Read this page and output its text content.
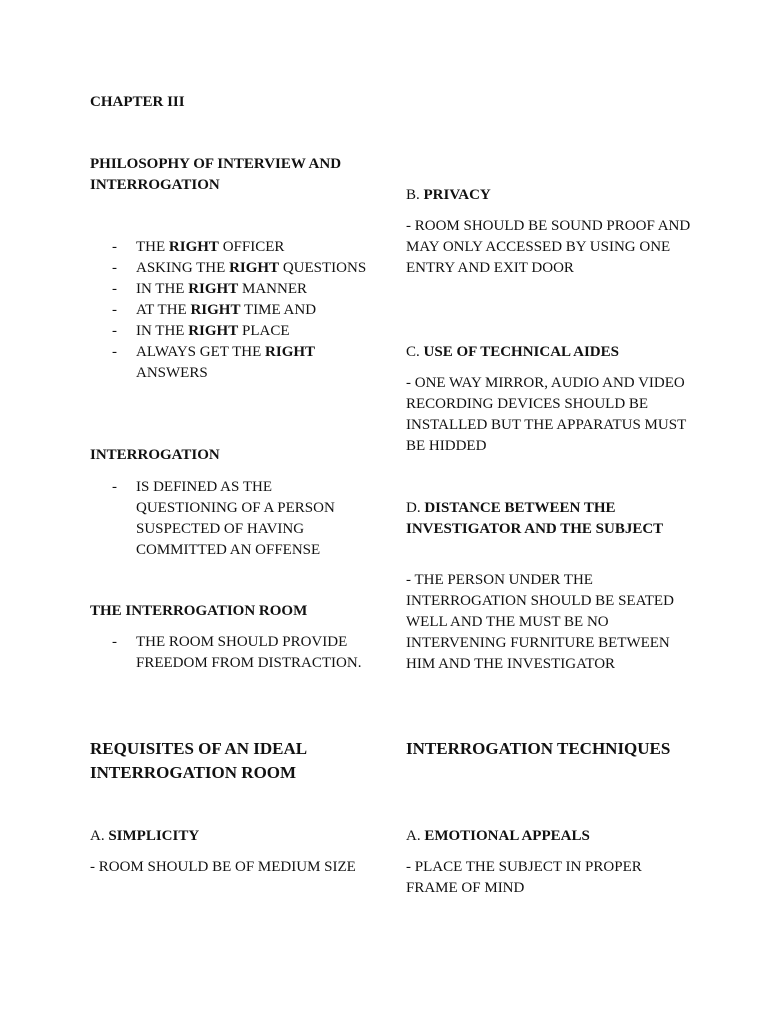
CHAPTER III

PHILOSOPHY OF INTERVIEW AND INTERROGATION

- THE RIGHT OFFICER
- ASKING THE RIGHT QUESTIONS
- IN THE RIGHT MANNER
- AT THE RIGHT TIME AND
- IN THE RIGHT PLACE
- ALWAYS GET THE RIGHT ANSWERS

INTERROGATION

- IS DEFINED AS THE QUESTIONING OF A PERSON SUSPECTED OF HAVING COMMITTED AN OFFENSE

THE INTERROGATION ROOM

- THE ROOM SHOULD PROVIDE FREEDOM FROM DISTRACTION.

REQUISITES OF AN IDEAL INTERROGATION ROOM

A. SIMPLICITY

- ROOM SHOULD BE OF MEDIUM SIZE

B. PRIVACY

- ROOM SHOULD BE SOUND PROOF AND MAY ONLY ACCESSED BY USING ONE ENTRY AND EXIT DOOR

C. USE OF TECHNICAL AIDES

- ONE WAY MIRROR, AUDIO AND VIDEO RECORDING DEVICES SHOULD BE INSTALLED BUT THE APPARATUS MUST BE HIDDED

D. DISTANCE BETWEEN THE INVESTIGATOR AND THE SUBJECT

- THE PERSON UNDER THE INTERROGATION SHOULD BE SEATED WELL AND THE MUST BE NO INTERVENING FURNITURE BETWEEN HIM AND THE INVESTIGATOR

INTERROGATION TECHNIQUES

A. EMOTIONAL APPEALS

- PLACE THE SUBJECT IN PROPER FRAME OF MIND
